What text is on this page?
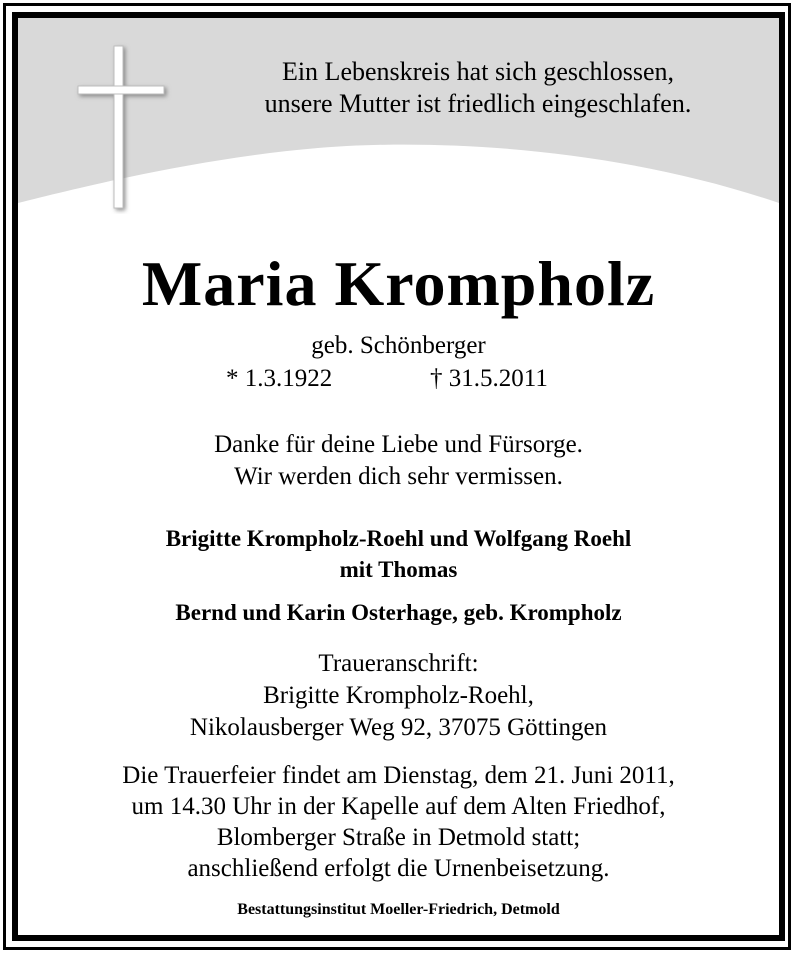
Ein Lebenskreis hat sich geschlossen,
unsere Mutter ist friedlich eingeschlafen.
Maria Krompholz
geb. Schönberger
* 1.3.1922	† 31.5.2011
Danke für deine Liebe und Fürsorge.
Wir werden dich sehr vermissen.
Brigitte Krompholz-Roehl und Wolfgang Roehl
mit Thomas
Bernd und Karin Osterhage, geb. Krompholz
Traueranschrift:
Brigitte Krompholz-Roehl,
Nikolausberger Weg 92, 37075 Göttingen
Die Trauerfeier findet am Dienstag, dem 21. Juni 2011,
um 14.30 Uhr in der Kapelle auf dem Alten Friedhof,
Blomberger Straße in Detmold statt;
anschließend erfolgt die Urnenbeisetzung.
Bestattungsinstitut Moeller-Friedrich, Detmold
